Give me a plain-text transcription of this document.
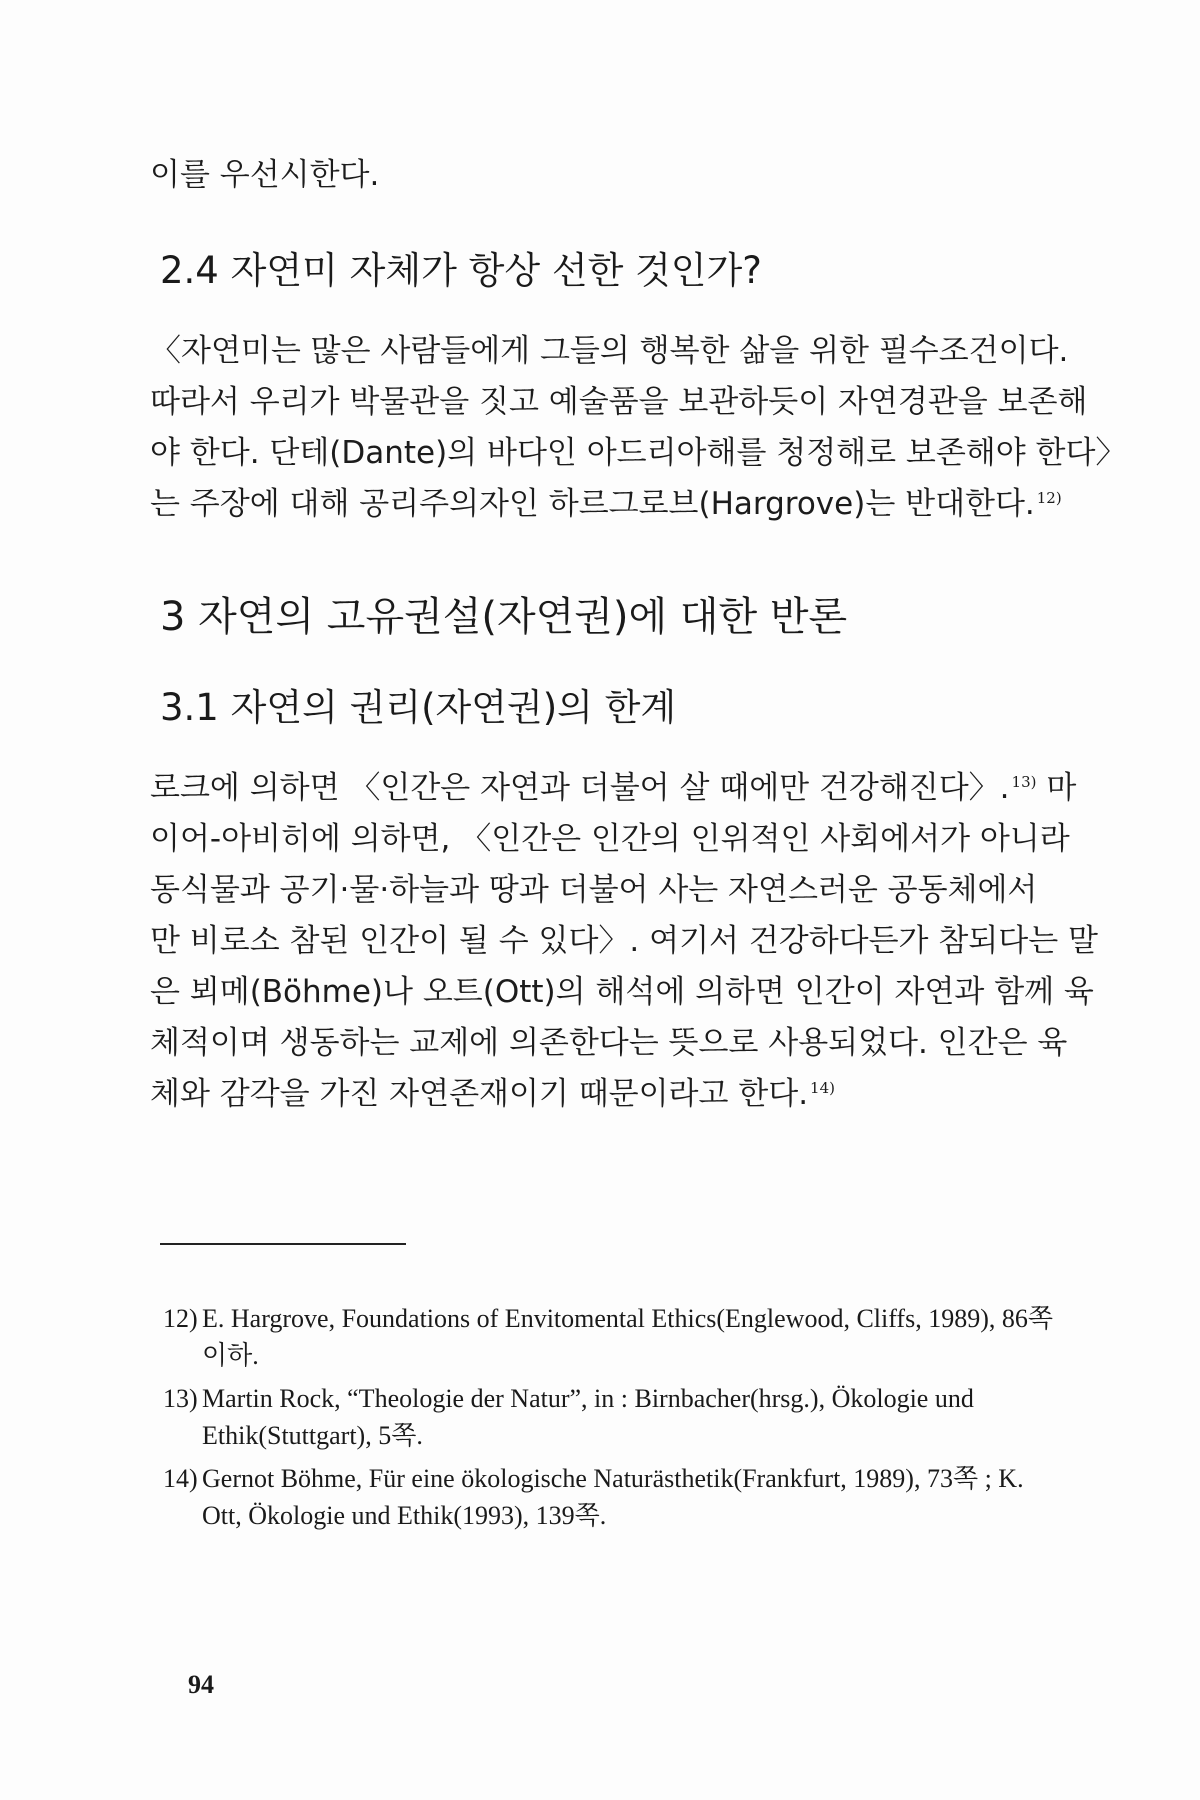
이를 우선시한다.
2.4 자연미 자체가 항상 선한 것인가?
〈자연미는 많은 사람들에게 그들의 행복한 삶을 위한 필수조건이다.
따라서 우리가 박물관을 짓고 예술품을 보관하듯이 자연경관을 보존해
야 한다. 단테(Dante)의 바다인 아드리아해를 청정해로 보존해야 한다〉
는 주장에 대해 공리주의자인 하르그로브(Hargrove)는 반대한다. $^{12)}$
3 자연의 고유권설(자연권)에 대한 반론
3.1 자연의 권리(자연권)의 한계
로크에 의하면 〈인간은 자연과 더불어 살 때에만 건강해진다〉. $^{13)}$ 마
이어-아비히에 의하면, 〈인간은 인간의 인위적인 사회에서가 아니라
동식물과 공기·물·하늘과 땅과 더불어 사는 자연스러운 공동체에서
만 비로소 참된 인간이 될 수 있다〉. 여기서 건강하다든가 참되다는 말
은 뵈메(Böhme)나 오트(Ott)의 해석에 의하면 인간이 자연과 함께 육
체적이며 생동하는 교제에 의존한다는 뜻으로 사용되었다. 인간은 육
체와 감각을 가진 자연존재이기 때문이라고 한다. $^{14)}$
12) E. Hargrove, Foundations of Envitomental Ethics(Englewood, Cliffs, 1989), 86쪽
이하.
13) Martin Rock, “Theologie der Natur”, in : Birnbacher(hrsg.), Ökologie und
Ethik(Stuttgart), 5쪽.
14) Gernot Böhme, Für eine ökologische Naturästhetik(Frankfurt, 1989), 73쪽 ; K.
Ott, Ökologie und Ethik(1993), 139쪽.
94
